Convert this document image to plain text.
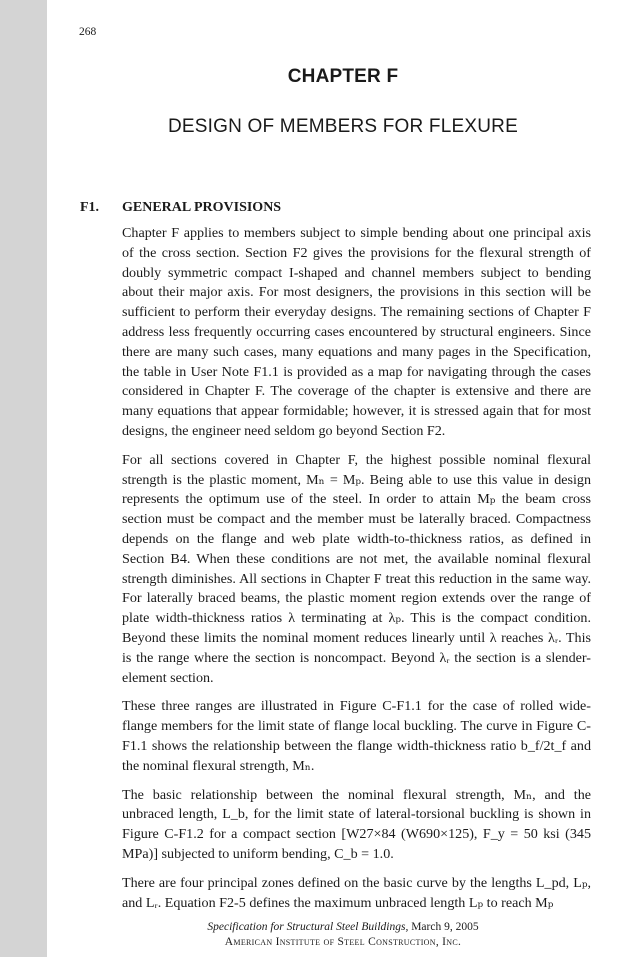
268
CHAPTER F
DESIGN OF MEMBERS FOR FLEXURE
F1. GENERAL PROVISIONS

Chapter F applies to members subject to simple bending about one principal axis of the cross section. Section F2 gives the provisions for the flexural strength of doubly symmetric compact I-shaped and channel members subject to bending about their major axis. For most designers, the provisions in this section will be sufficient to perform their everyday designs. The remaining sections of Chapter F address less frequently occurring cases encountered by structural engineers. Since there are many such cases, many equations and many pages in the Specification, the table in User Note F1.1 is provided as a map for navigating through the cases considered in Chapter F. The coverage of the chapter is extensive and there are many equations that appear formidable; however, it is stressed again that for most designs, the engineer need seldom go beyond Section F2.

For all sections covered in Chapter F, the highest possible nominal flexural strength is the plastic moment, Mₙ = Mₚ. Being able to use this value in design represents the optimum use of the steel. In order to attain Mₚ the beam cross section must be compact and the member must be laterally braced. Compactness depends on the flange and web plate width-to-thickness ratios, as defined in Section B4. When these conditions are not met, the available nominal flexural strength diminishes. All sections in Chapter F treat this reduction in the same way. For laterally braced beams, the plastic moment region extends over the range of plate width-thickness ratios λ terminating at λₚ. This is the compact condition. Beyond these limits the nominal moment reduces linearly until λ reaches λᵣ. This is the range where the section is noncompact. Beyond λᵣ the section is a slender-element section.

These three ranges are illustrated in Figure C-F1.1 for the case of rolled wide-flange members for the limit state of flange local buckling. The curve in Figure C-F1.1 shows the relationship between the flange width-thickness ratio b_f/2t_f and the nominal flexural strength, Mₙ.

The basic relationship between the nominal flexural strength, Mₙ, and the unbraced length, L_b, for the limit state of lateral-torsional buckling is shown in Figure C-F1.2 for a compact section [W27×84 (W690×125), F_y = 50 ksi (345 MPa)] subjected to uniform bending, C_b = 1.0.

There are four principal zones defined on the basic curve by the lengths L_pd, Lₚ, and Lᵣ. Equation F2-5 defines the maximum unbraced length Lₚ to reach Mₚ

Specification for Structural Steel Buildings, March 9, 2005
American Institute of Steel Construction, Inc.
